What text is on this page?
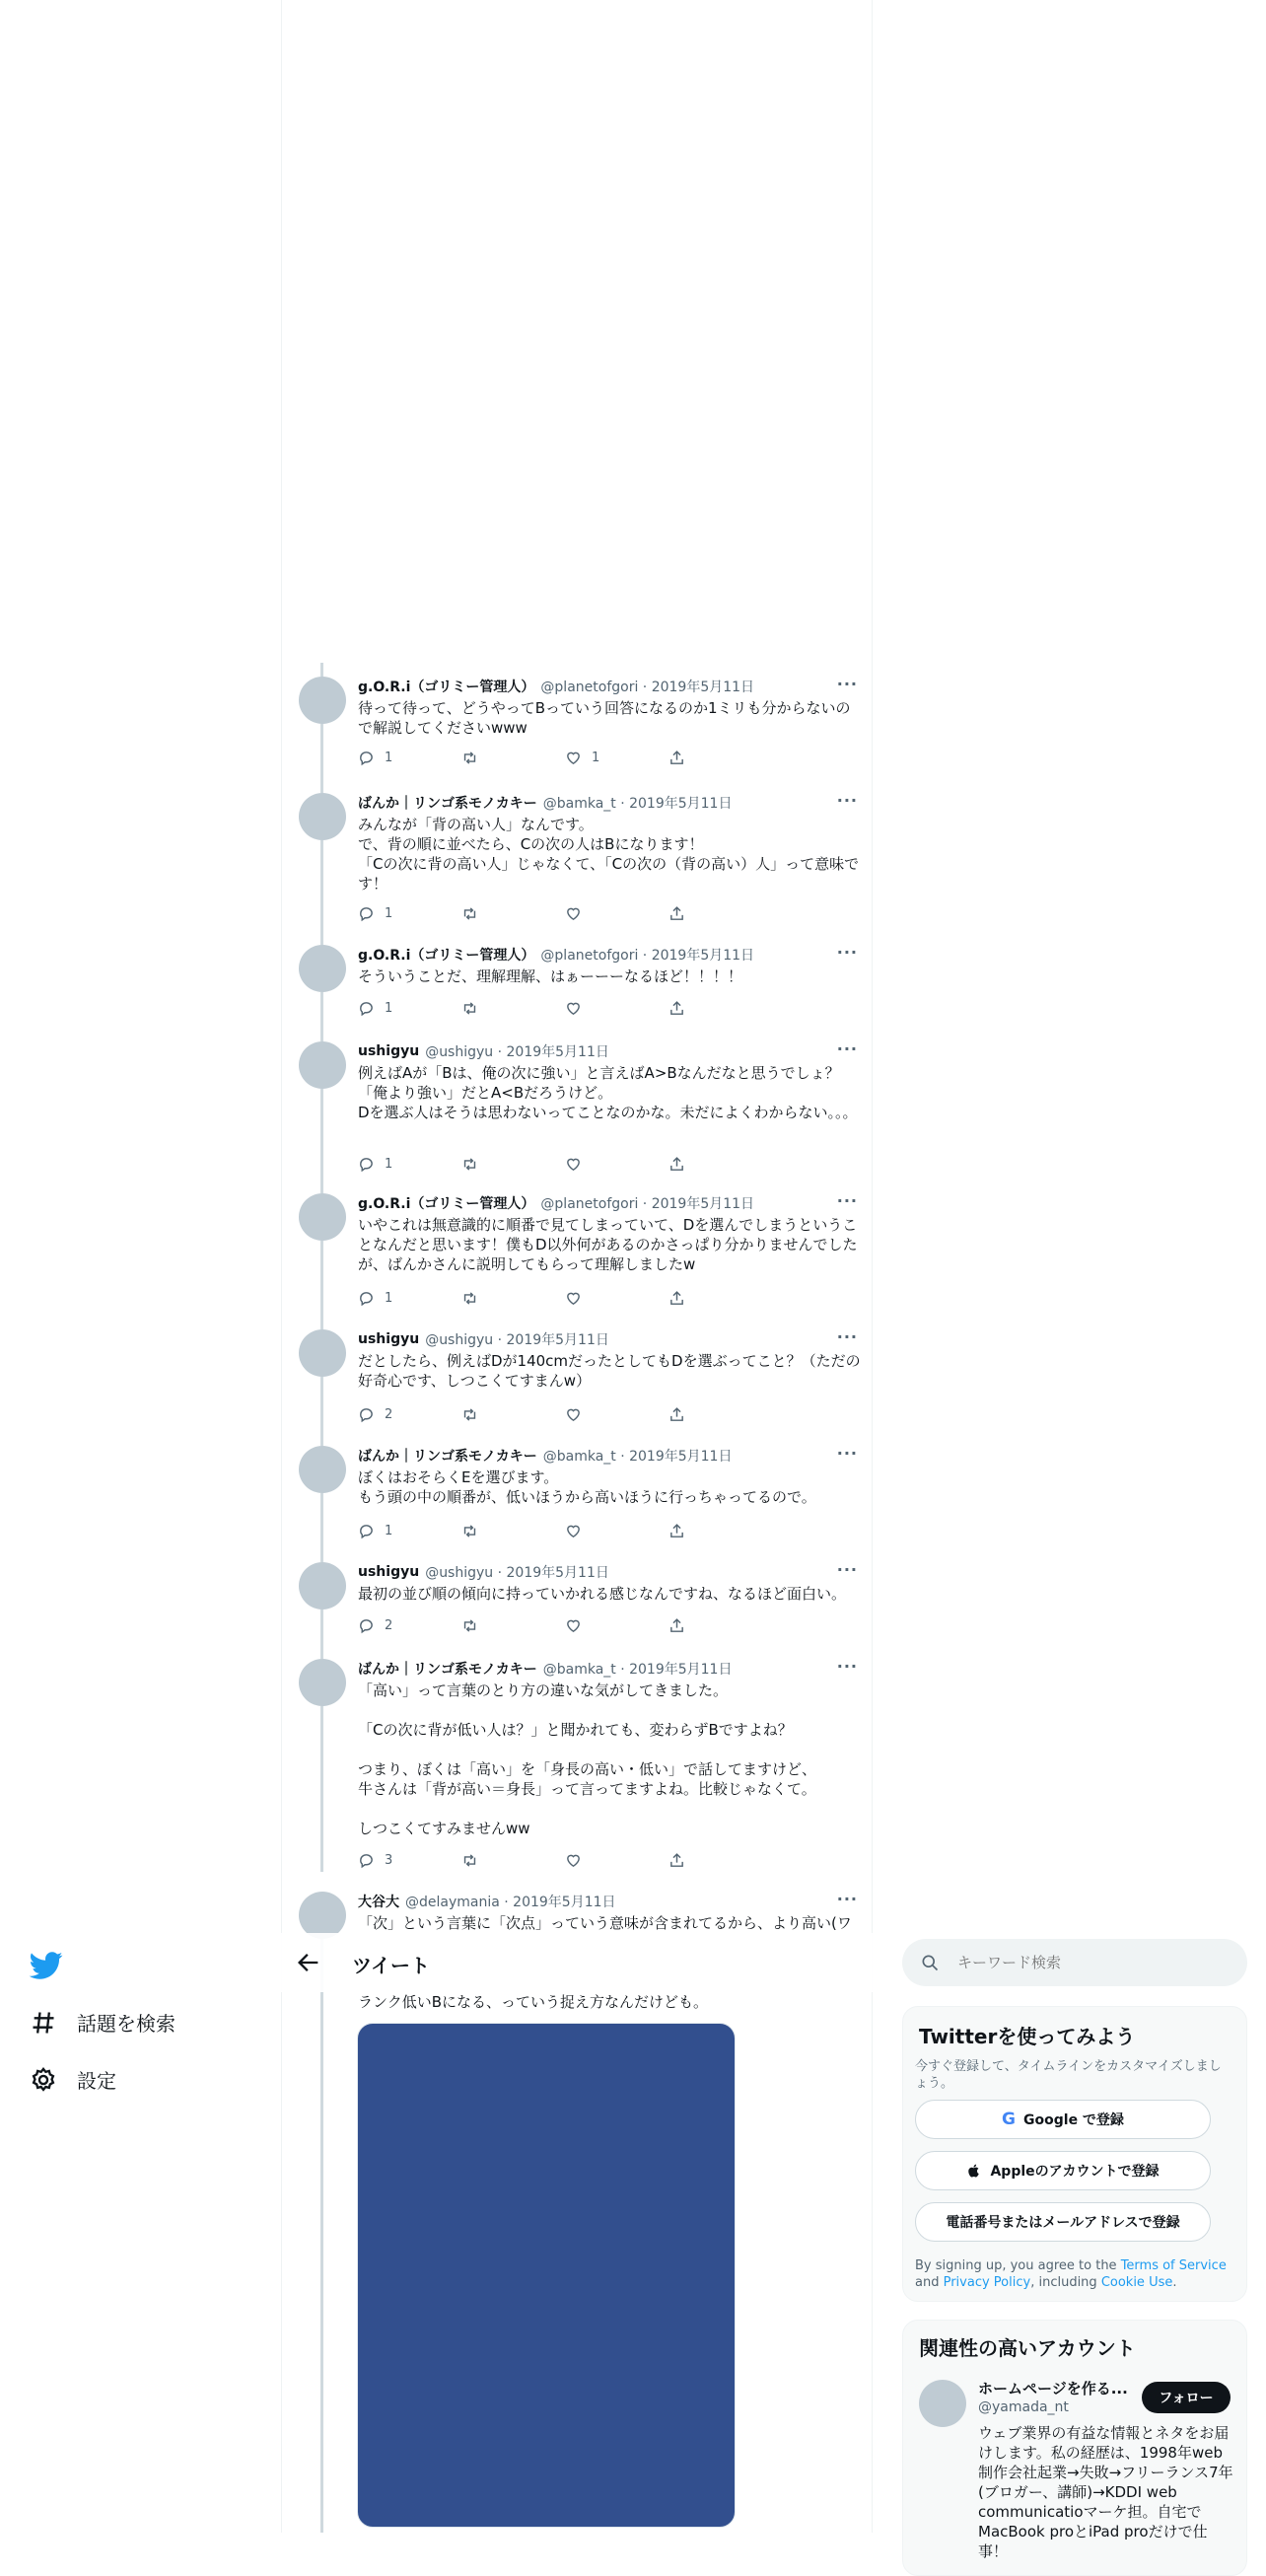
話題を検索
設定
g.O.R.i（ゴリミー管理人） @planetofgori · 2019年5月11日	···
待って待って、どうやってBっていう回答になるのか1ミリも分からないので解説してくださいwww
1	1
ばんか｜リンゴ系モノカキー @bamka_t · 2019年5月11日	···
みんなが「背の高い人」なんです。
で、背の順に並べたら、Cの次の人はBになります！
「Cの次に背の高い人」じゃなくて、「Cの次の（背の高い）人」って意味です！
1
g.O.R.i（ゴリミー管理人） @planetofgori · 2019年5月11日	···
そういうことだ、理解理解、はぁーーーなるほど！！！！
1
ushigyu @ushigyu · 2019年5月11日	···
例えばAが「Bは、俺の次に強い」と言えばA>Bなんだなと思うでしょ？
「俺より強い」だとA<Bだろうけど。
Dを選ぶ人はそうは思わないってことなのかな。未だによくわからない。。。
1
g.O.R.i（ゴリミー管理人） @planetofgori · 2019年5月11日	···
いやこれは無意識的に順番で見てしまっていて、Dを選んでしまうということなんだと思います！僕もD以外何があるのかさっぱり分かりませんでしたが、ばんかさんに説明してもらって理解しましたw
1
ushigyu @ushigyu · 2019年5月11日	···
だとしたら、例えばDが140cmだったとしてもDを選ぶってこと？（ただの好奇心です、しつこくてすまんw）
2
ばんか｜リンゴ系モノカキー @bamka_t · 2019年5月11日	···
ぼくはおそらくEを選びます。
もう頭の中の順番が、低いほうから高いほうに行っちゃってるので。
1
ushigyu @ushigyu · 2019年5月11日	···
最初の並び順の傾向に持っていかれる感じなんですね、なるほど面白い。
2
ばんか｜リンゴ系モノカキー @bamka_t · 2019年5月11日	···
「高い」って言葉のとり方の違いな気がしてきました。

「Cの次に背が低い人は？」と聞かれても、変わらずBですよね？

つまり、ぼくは「高い」を「身長の高い・低い」で話してますけど、
牛さんは「背が高い＝身長」って言ってますよね。比較じゃなくて。

しつこくてすみませんww
3
大谷大 @delaymania · 2019年5月11日	···
「次」という言葉に「次点」っていう意味が含まれてるから、より高い(ワ
ランク低いBになる、っていう捉え方なんだけども。
ツイート
キーワード検索
Twitterを使ってみよう
今すぐ登録して、タイムラインをカスタマイズしましょう。
G Google で登録
Appleのアカウントで登録
電話番号またはメールアドレスで登録
By signing up, you agree to the Terms of Service and Privacy Policy, including Cookie Use.
関連性の高いアカウント
ホームページを作る...
@yamada_nt
フォロー
ウェブ業界の有益な情報とネタをお届けします。私の経歴は、1998年web制作会社起業→失敗→フリーランス7年(ブロガー、講師)→KDDI web communicatioマーケ担。自宅でMacBook proとiPad proだけで仕事！
